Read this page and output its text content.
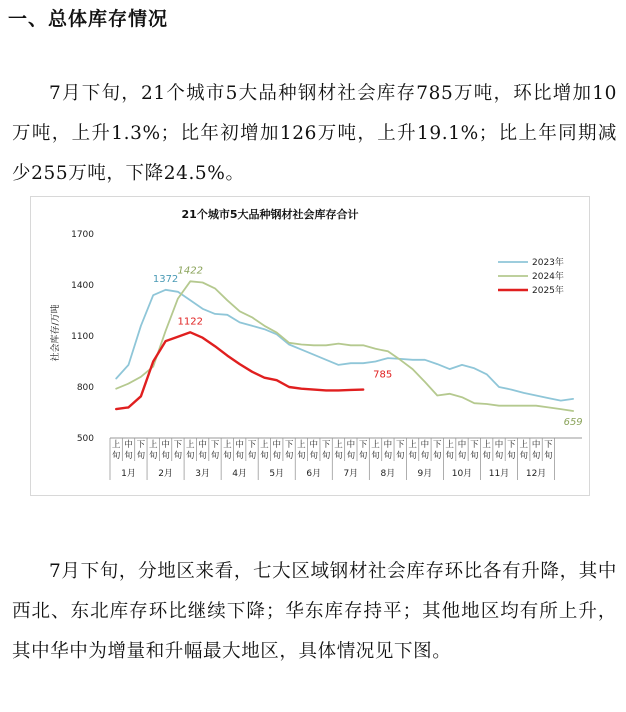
一、总体库存情况

7月下旬，21个城市5大品种钢材社会库存785万吨，环比增加10万吨，上升1.3%；比年初增加126万吨，上升19.1%；比上年同期减少255万吨，下降24.5%。

21个城市5大品种钢材社会库存合计
社会库存/万吨
500
800
1100
1400
1700
上
旬
中
旬
下
旬
上
旬
中
旬
下
旬
上
旬
中
旬
下
旬
上
旬
中
旬
下
旬
上
旬
中
旬
下
旬
上
旬
中
旬
下
旬
上
旬
中
旬
下
旬
上
旬
中
旬
下
旬
上
旬
中
旬
下
旬
上
旬
中
旬
下
旬
上
旬
中
旬
下
旬
上
旬
中
旬
下
旬
1月 2月 3月 4月 5月 6月 7月 8月 9月 10月 11月 12月
1372
1422
1122
785
659
2023年
2024年
2025年

7月下旬，分地区来看，七大区域钢材社会库存环比各有升降，其中西北、东北库存环比继续下降；华东库存持平；其他地区均有所上升，其中华中为增量和升幅最大地区，具体情况见下图。
